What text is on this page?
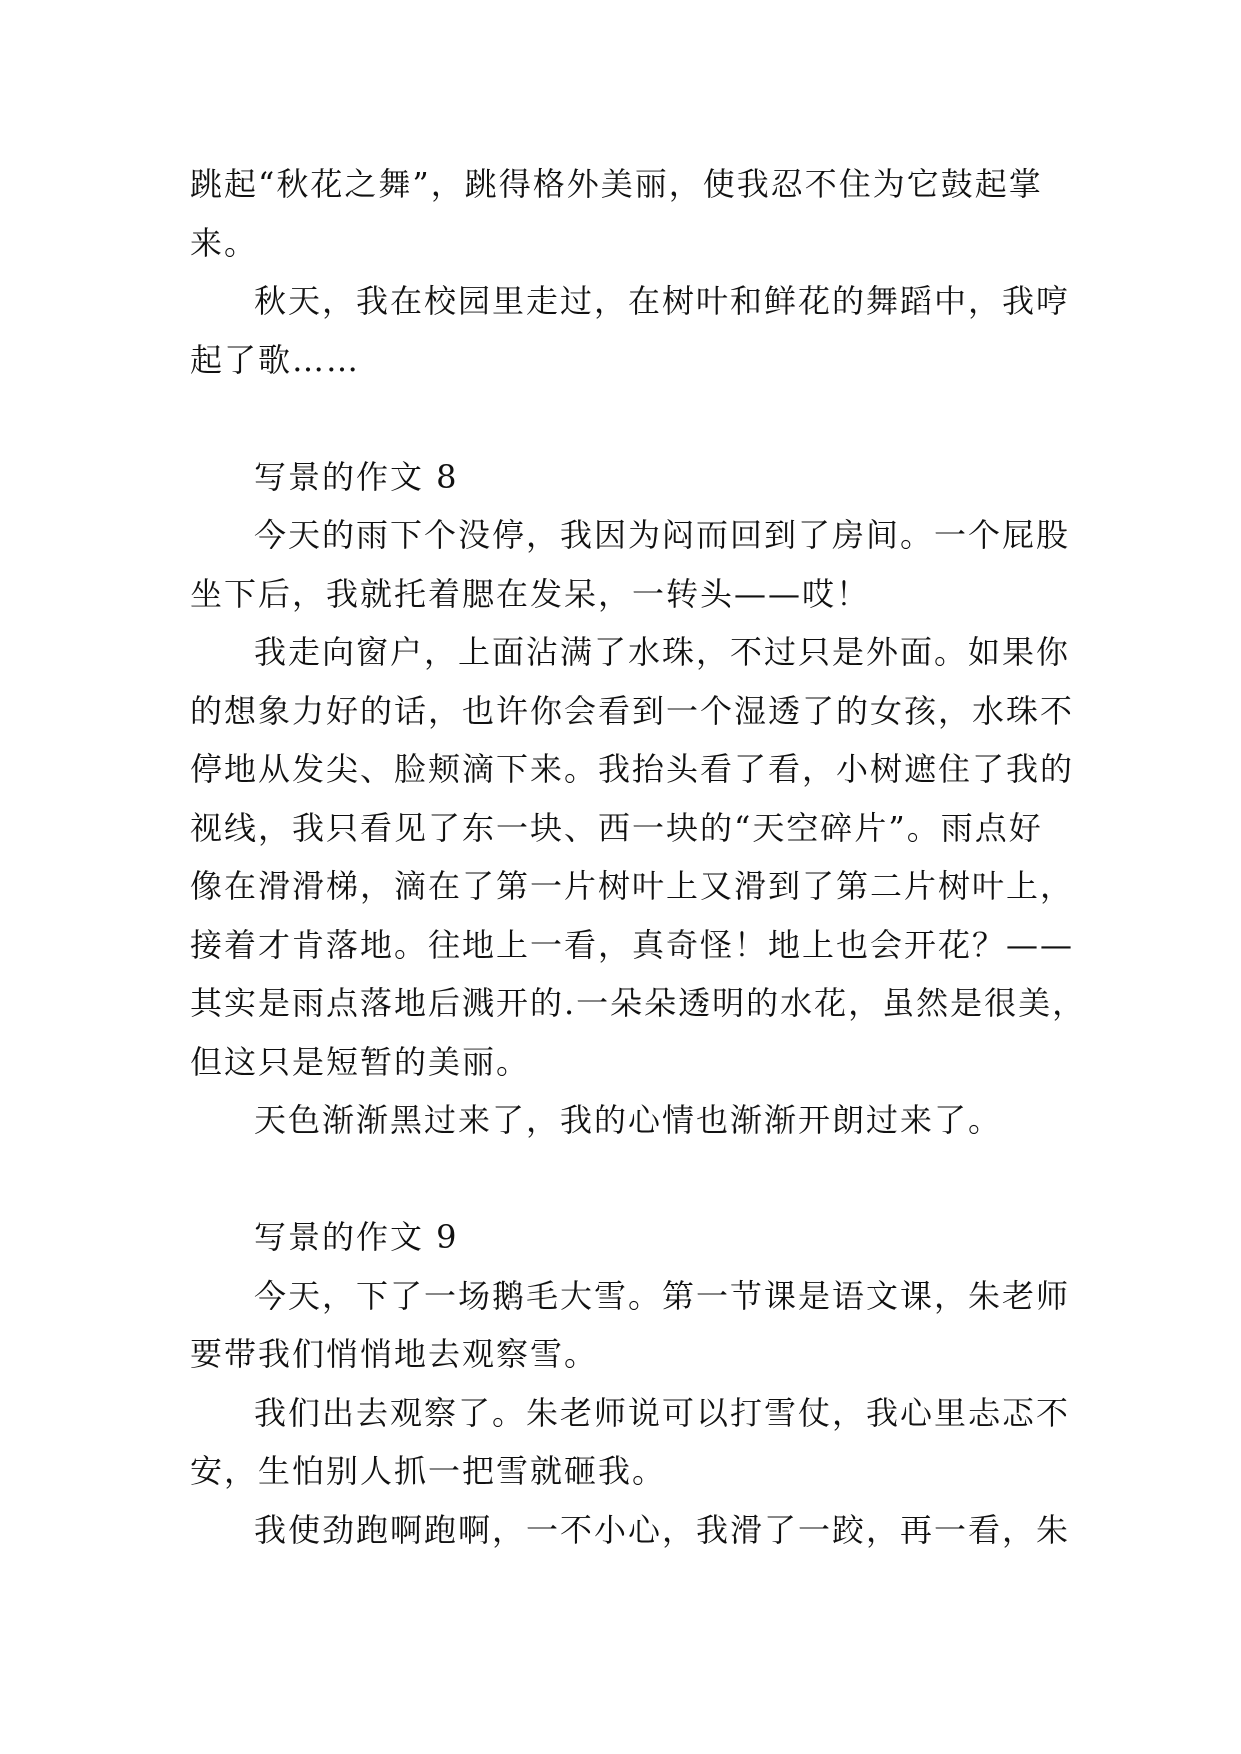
跳起“秋花之舞”，跳得格外美丽，使我忍不住为它鼓起掌
来。
秋天，我在校园里走过，在树叶和鲜花的舞蹈中，我哼
起了歌……
写景的作文 8
今天的雨下个没停，我因为闷而回到了房间。一个屁股
坐下后，我就托着腮在发呆，一转头——哎！
我走向窗户，上面沾满了水珠，不过只是外面。如果你
的想象力好的话，也许你会看到一个湿透了的女孩，水珠不
停地从发尖、脸颊滴下来。我抬头看了看，小树遮住了我的
视线，我只看见了东一块、西一块的“天空碎片”。雨点好
像在滑滑梯，滴在了第一片树叶上又滑到了第二片树叶上，
接着才肯落地。往地上一看，真奇怪！地上也会开花？——
其实是雨点落地后溅开的.一朵朵透明的水花，虽然是很美，
但这只是短暂的美丽。
天色渐渐黑过来了，我的心情也渐渐开朗过来了。
写景的作文 9
今天，下了一场鹅毛大雪。第一节课是语文课，朱老师
要带我们悄悄地去观察雪。
我们出去观察了。朱老师说可以打雪仗，我心里忐忑不
安，生怕别人抓一把雪就砸我。
我使劲跑啊跑啊，一不小心，我滑了一跤，再一看，朱
